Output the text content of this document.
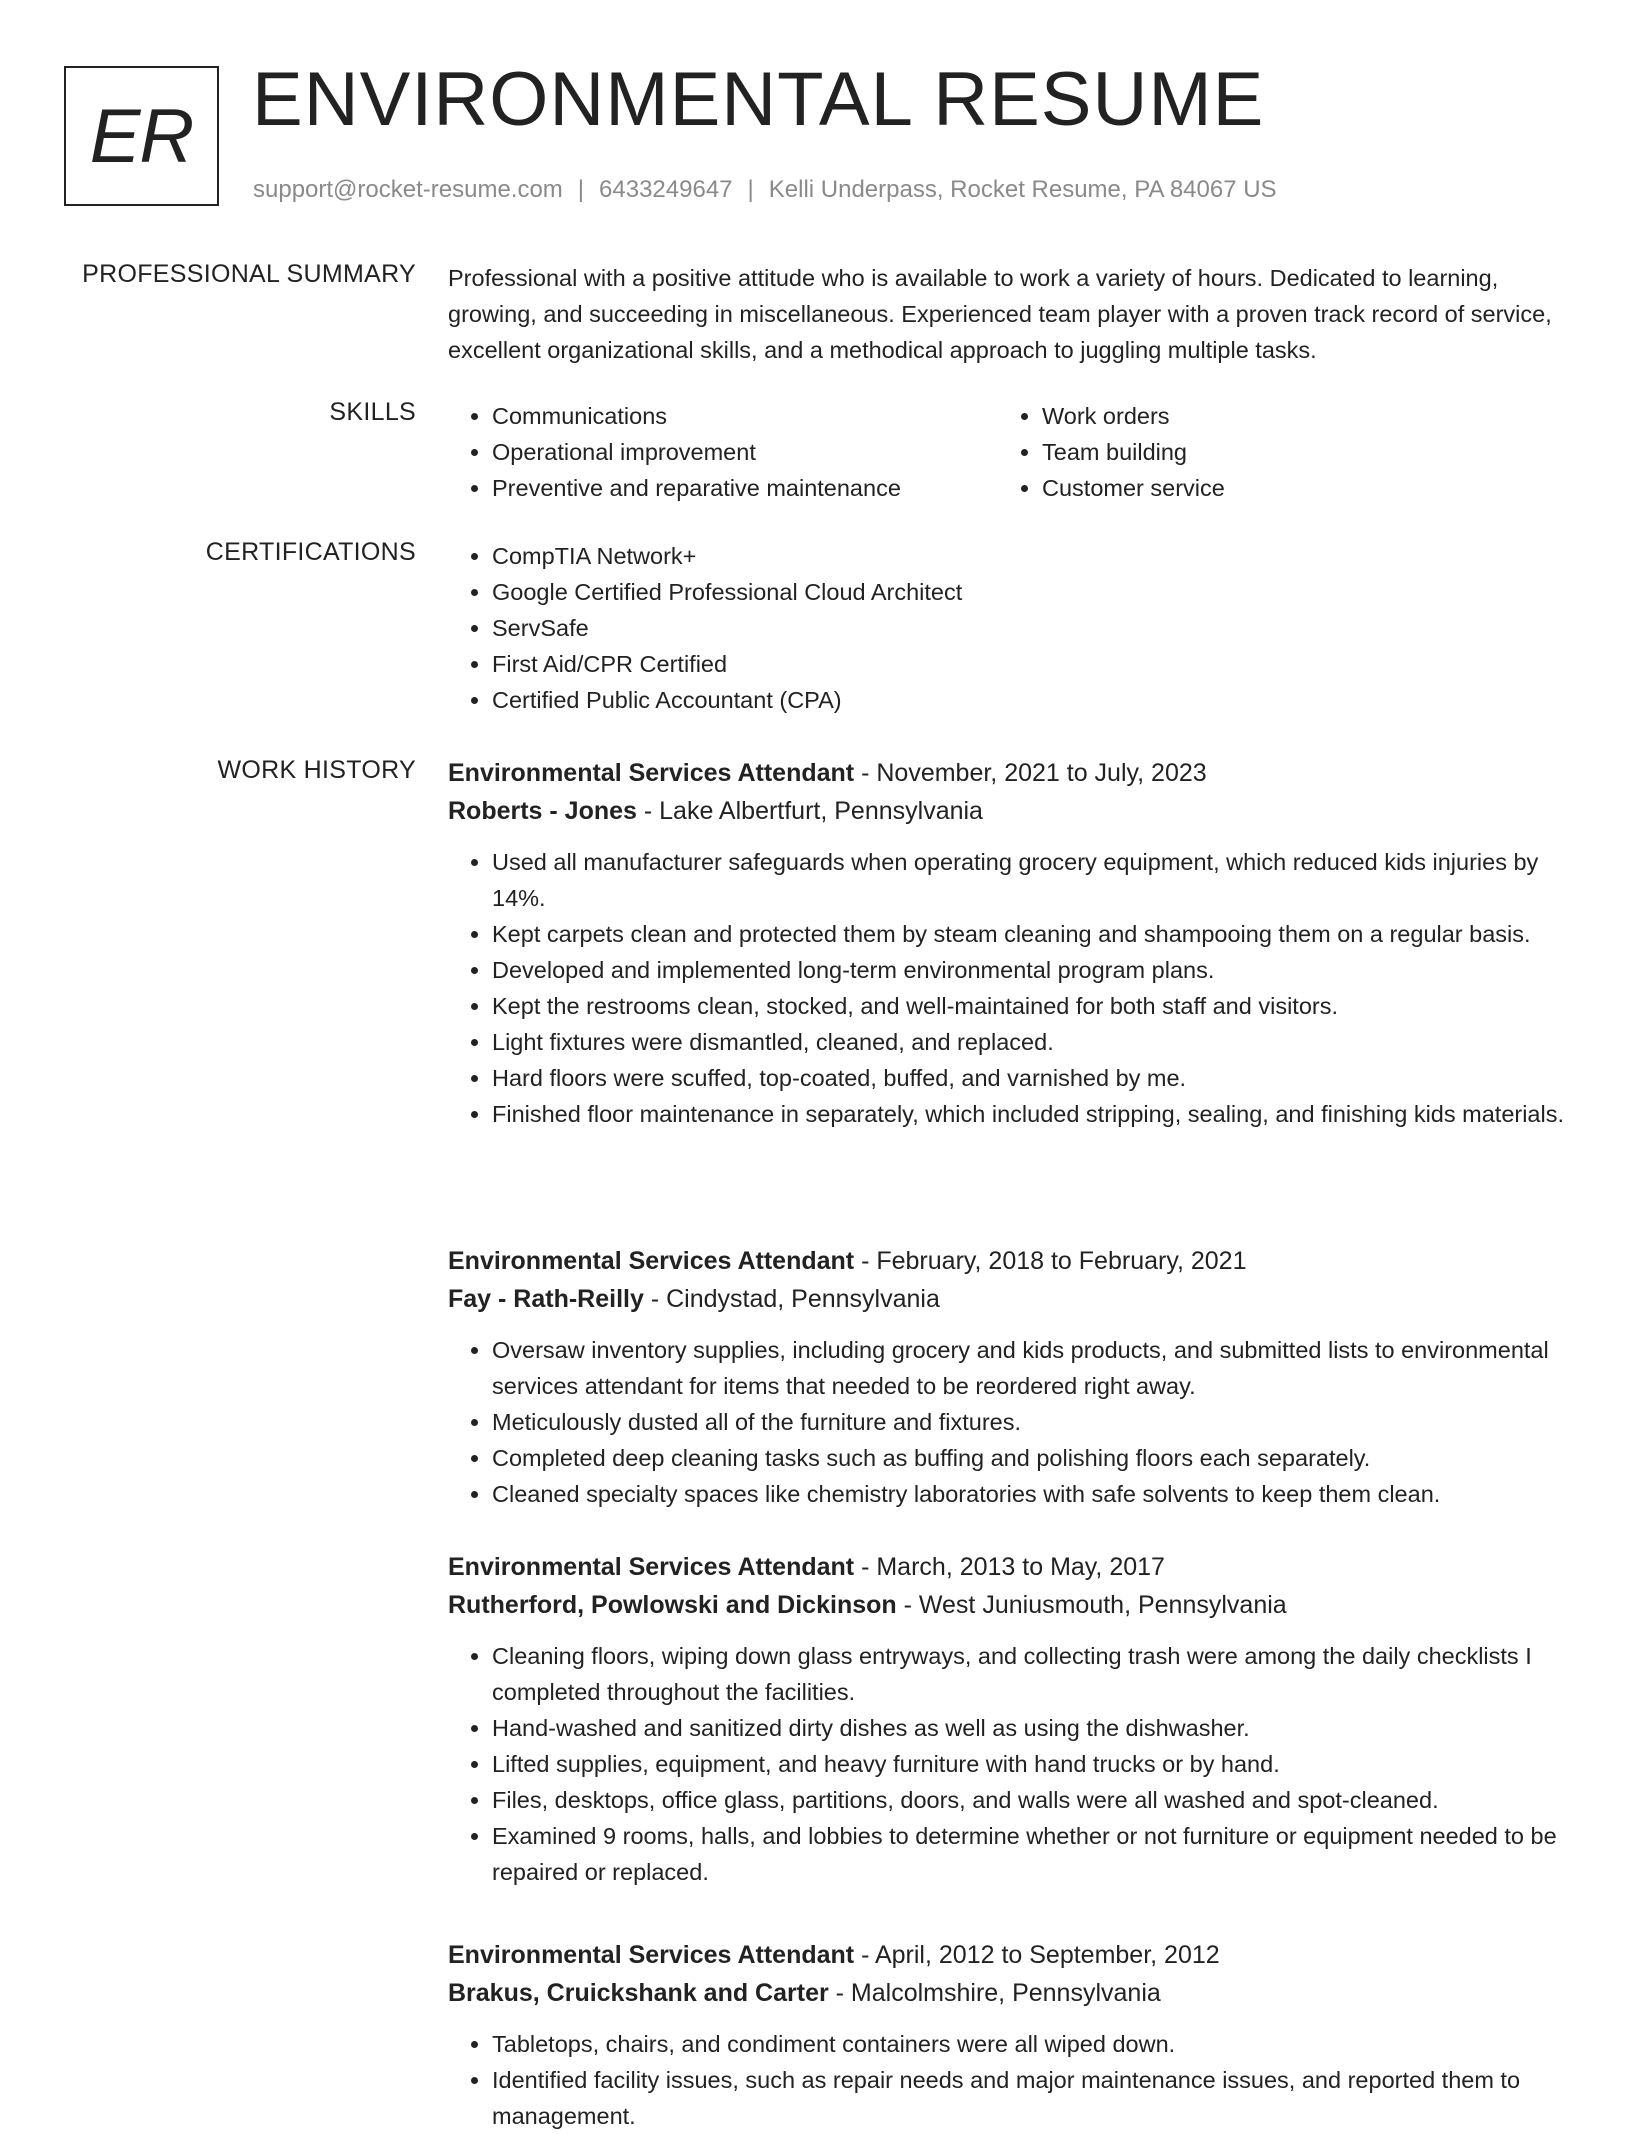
ER ENVIRONMENTAL RESUME
support@rocket-resume.com | 6433249647 | Kelli Underpass, Rocket Resume, PA 84067 US
PROFESSIONAL SUMMARY Professional with a positive attitude who is available to work a variety of hours. Dedicated to learning, growing, and succeeding in miscellaneous. Experienced team player with a proven track record of service, excellent organizational skills, and a methodical approach to juggling multiple tasks.

SKILLS	• Communications
• Operational improvement
• Preventive and reparative maintenance
• Work orders
• Team building
• Customer service
CERTIFICATIONS	• CompTIA Network+
• Google Certified Professional Cloud Architect
• ServSafe
• First Aid/CPR Certified
• Certified Public Accountant (CPA)
WORK HISTORY Environmental Services Attendant - November, 2021 to July, 2023
Roberts - Jones - Lake Albertfurt, Pennsylvania
• Used all manufacturer safeguards when operating grocery equipment, which reduced kids injuries by 14%.
• Kept carpets clean and protected them by steam cleaning and shampooing them on a regular basis.
• Developed and implemented long-term environmental program plans.
• Kept the restrooms clean, stocked, and well-maintained for both staff and visitors.
• Light fixtures were dismantled, cleaned, and replaced.
• Hard floors were scuffed, top-coated, buffed, and varnished by me.
• Finished floor maintenance in separately, which included stripping, sealing, and finishing kids materials.
Environmental Services Attendant - February, 2018 to February, 2021
Fay - Rath-Reilly - Cindystad, Pennsylvania
• Oversaw inventory supplies, including grocery and kids products, and submitted lists to environmental services attendant for items that needed to be reordered right away.
• Meticulously dusted all of the furniture and fixtures.
• Completed deep cleaning tasks such as buffing and polishing floors each separately.
• Cleaned specialty spaces like chemistry laboratories with safe solvents to keep them clean.
Environmental Services Attendant - March, 2013 to May, 2017
Rutherford, Powlowski and Dickinson - West Juniusmouth, Pennsylvania
• Cleaning floors, wiping down glass entryways, and collecting trash were among the daily checklists I completed throughout the facilities.
• Hand-washed and sanitized dirty dishes as well as using the dishwasher.
• Lifted supplies, equipment, and heavy furniture with hand trucks or by hand.
• Files, desktops, office glass, partitions, doors, and walls were all washed and spot-cleaned.
• Examined 9 rooms, halls, and lobbies to determine whether or not furniture or equipment needed to be repaired or replaced.
Environmental Services Attendant - April, 2012 to September, 2012
Brakus, Cruickshank and Carter - Malcolmshire, Pennsylvania
• Tabletops, chairs, and condiment containers were all wiped down.
• Identified facility issues, such as repair needs and major maintenance issues, and reported them to management.
